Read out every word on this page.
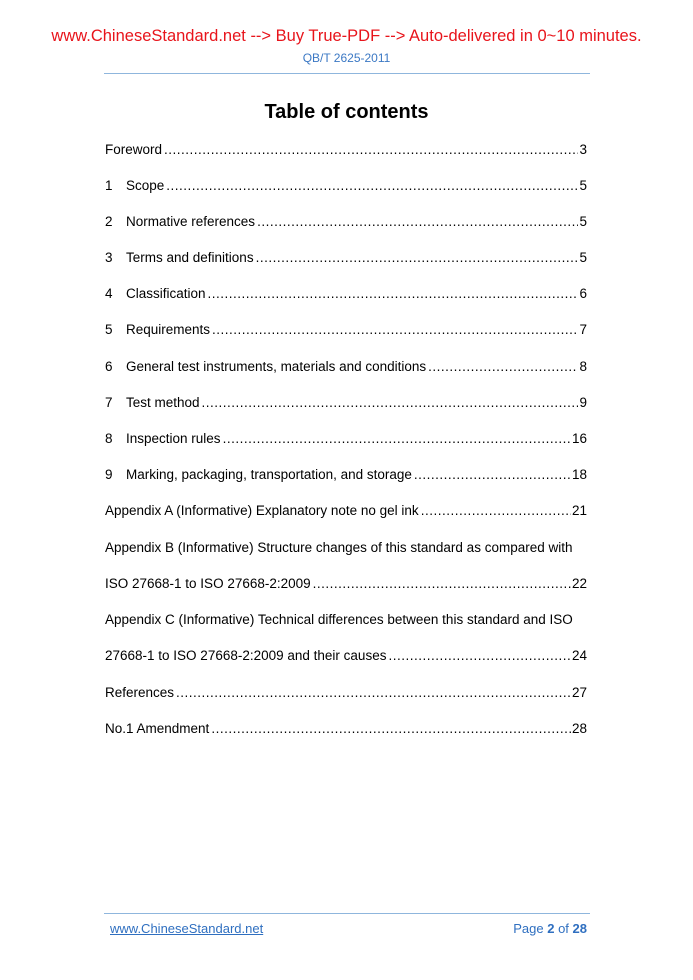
www.ChineseStandard.net --> Buy True-PDF --> Auto-delivered in 0~10 minutes.
QB/T 2625-2011
Table of contents
Foreword .....	3
1 Scope .....	5
2 Normative references .....	5
3 Terms and definitions .....	5
4 Classification .....	6
5 Requirements .....	7
6 General test instruments, materials and conditions .....	8
7 Test method .....	9
8 Inspection rules .....	16
9 Marking, packaging, transportation, and storage .....	18
Appendix A (Informative) Explanatory note no gel ink .....	21
Appendix B (Informative) Structure changes of this standard as compared with
ISO 27668-1 to ISO 27668-2:2009 .....	22
Appendix C (Informative) Technical differences between this standard and ISO
27668-1 to ISO 27668-2:2009 and their causes .....	24
References .....	27
No.1 Amendment .....	28
www.ChineseStandard.net	Page 2 of 28
